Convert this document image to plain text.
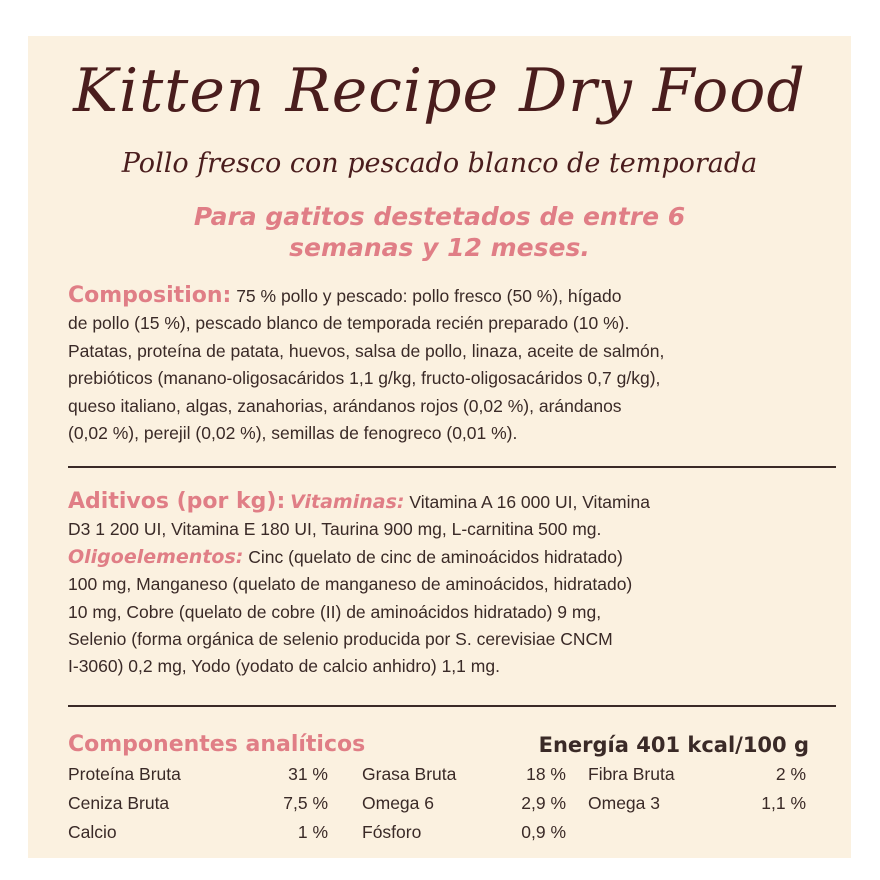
Kitten Recipe Dry Food
Pollo fresco con pescado blanco de temporada
Para gatitos destetados de entre 6
semanas y 12 meses.
Composition: 75 % pollo y pescado: pollo fresco (50 %), hígado
de pollo (15 %), pescado blanco de temporada recién preparado (10 %).
Patatas, proteína de patata, huevos, salsa de pollo, linaza, aceite de salmón,
prebióticos (manano-oligosacáridos 1,1 g/kg, fructo-oligosacáridos 0,7 g/kg),
queso italiano, algas, zanahorias, arándanos rojos (0,02 %), arándanos
(0,02 %), perejil (0,02 %), semillas de fenogreco (0,01 %).
Aditivos (por kg): Vitaminas: Vitamina A 16 000 UI, Vitamina
D3 1 200 UI, Vitamina E 180 UI, Taurina 900 mg, L-carnitina 500 mg.
Oligoelementos: Cinc (quelato de cinc de aminoácidos hidratado)
100 mg, Manganeso (quelato de manganeso de aminoácidos, hidratado)
10 mg, Cobre (quelato de cobre (II) de aminoácidos hidratado) 9 mg,
Selenio (forma orgánica de selenio producida por S. cerevisiae CNCM
I-3060) 0,2 mg, Yodo (yodato de calcio anhidro) 1,1 mg.
Componentes analíticos	Energía 401 kcal/100 g
Proteína Bruta	31 % Grasa Bruta	18 % Fibra Bruta	2 %
Ceniza Bruta	7,5 % Omega 6	2,9 % Omega 3	1,1 %
Calcio	1 % Fósforo	0,9 %
